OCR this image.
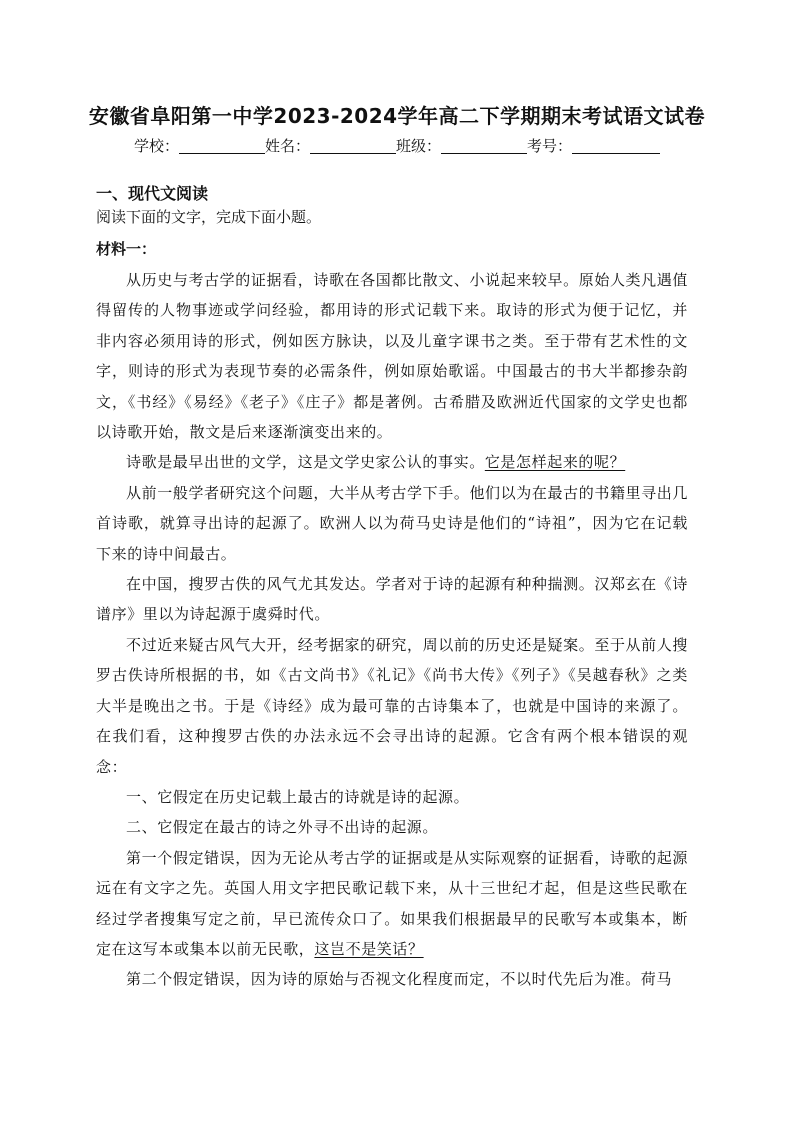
安徽省阜阳第一中学2023-2024学年高二下学期期末考试语文试卷
学校：	姓名：	班级：	考号：
一、现代文阅读
阅读下面的文字，完成下面小题。
材料一：

从历史与考古学的证据看，诗歌在各国都比散文、小说起来较早。原始人类凡遇值得留传的人物事迹或学问经验，都用诗的形式记载下来。取诗的形式为便于记忆，并非内容必须用诗的形式，例如医方脉诀，以及儿童字课书之类。至于带有艺术性的文字，则诗的形式为表现节奏的必需条件，例如原始歌谣。中国最古的书大半都掺杂韵文，《书经》《易经》《老子》《庄子》都是著例。古希腊及欧洲近代国家的文学史也都以诗歌开始，散文是后来逐渐演变出来的。

诗歌是最早出世的文学，这是文学史家公认的事实。它是怎样起来的呢？

从前一般学者研究这个问题，大半从考古学下手。他们以为在最古的书籍里寻出几首诗歌，就算寻出诗的起源了。欧洲人以为荷马史诗是他们的“诗祖”，因为它在记载下来的诗中间最古。

在中国，搜罗古佚的风气尤其发达。学者对于诗的起源有种种揣测。汉郑玄在《诗谱序》里以为诗起源于虞舜时代。

不过近来疑古风气大开，经考据家的研究，周以前的历史还是疑案。至于从前人搜罗古佚诗所根据的书，如《古文尚书》《礼记》《尚书大传》《列子》《吴越春秋》之类大半是晚出之书。于是《诗经》成为最可靠的古诗集本了，也就是中国诗的来源了。在我们看，这种搜罗古佚的办法永远不会寻出诗的起源。它含有两个根本错误的观念：

一、它假定在历史记载上最古的诗就是诗的起源。

二、它假定在最古的诗之外寻不出诗的起源。

第一个假定错误，因为无论从考古学的证据或是从实际观察的证据看，诗歌的起源远在有文字之先。英国人用文字把民歌记载下来，从十三世纪才起，但是这些民歌在经过学者搜集写定之前，早已流传众口了。如果我们根据最早的民歌写本或集本，断定在这写本或集本以前无民歌，这岂不是笑话？

第二个假定错误，因为诗的原始与否视文化程度而定，不以时代先后为准。荷马
